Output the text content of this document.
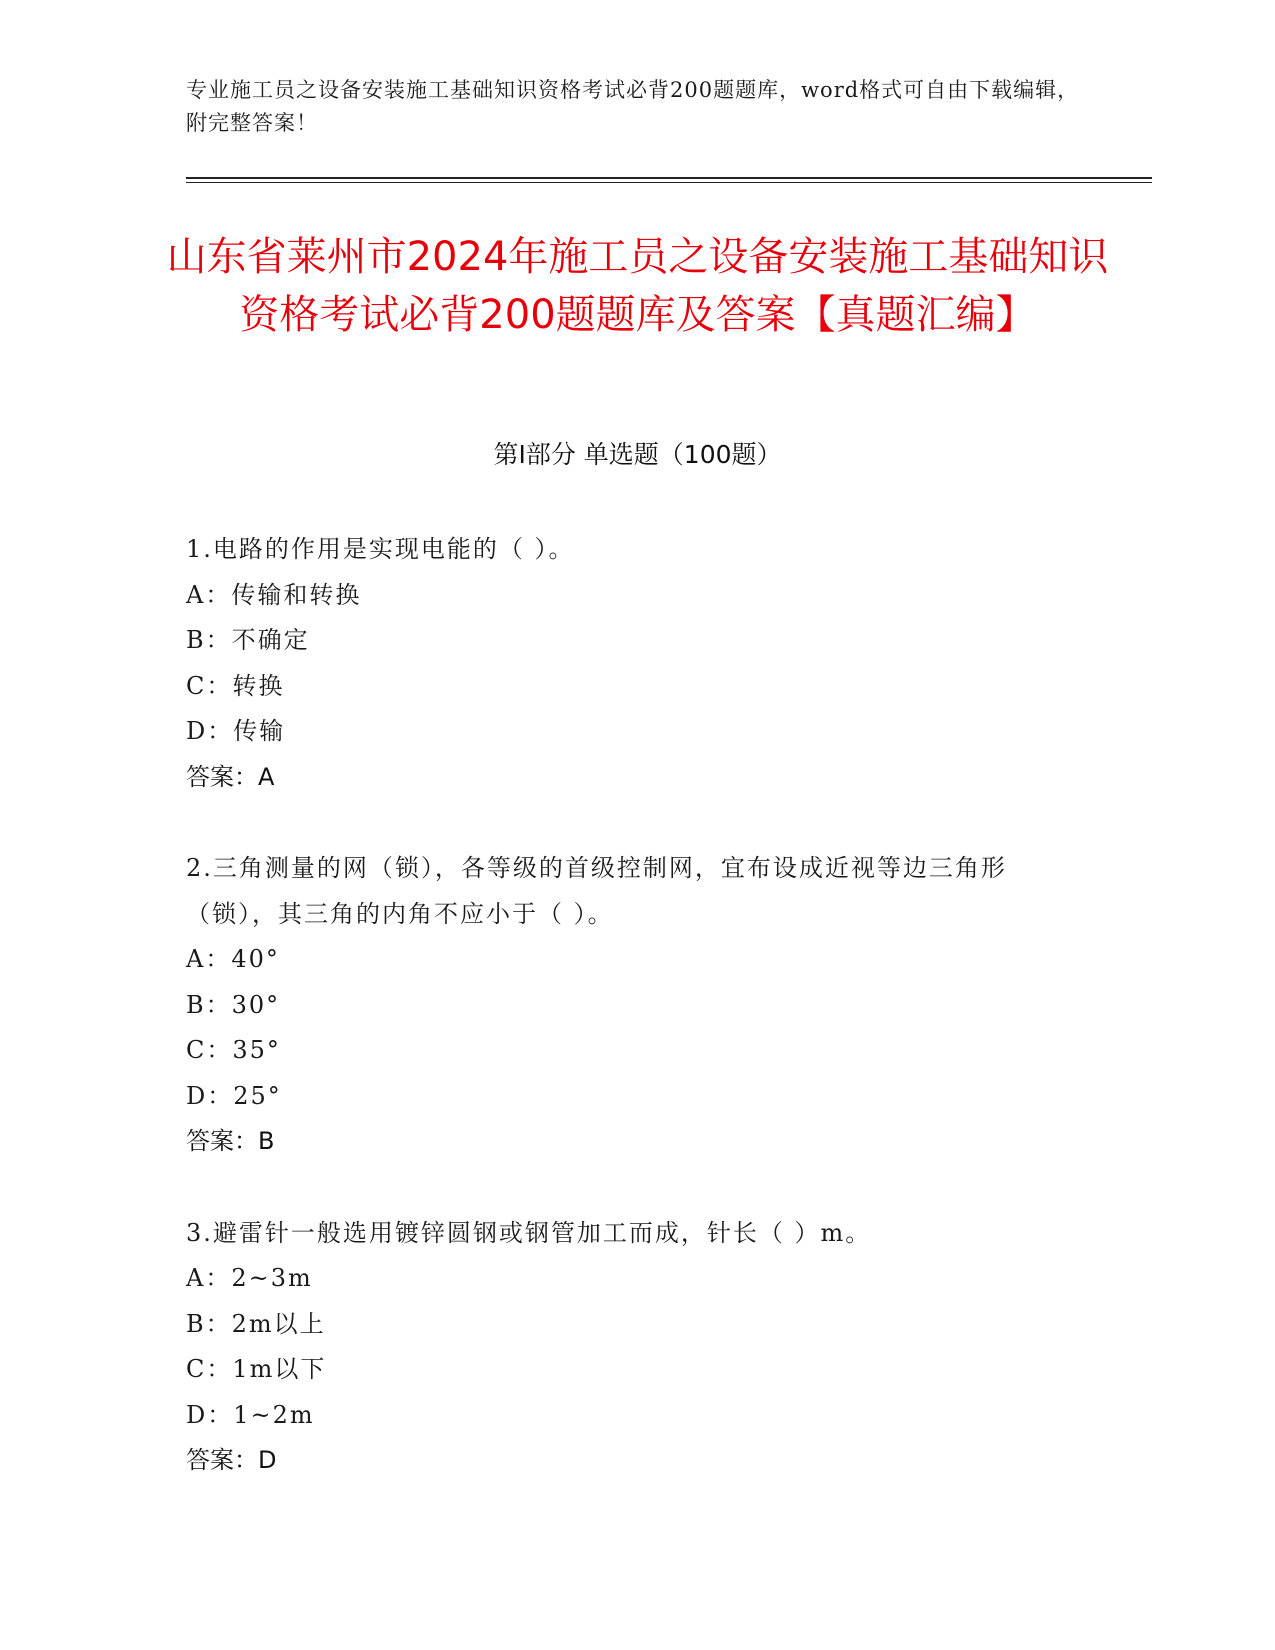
专业施工员之设备安装施工基础知识资格考试必背200题题库，word格式可自由下载编辑，附完整答案！
山东省莱州市2024年施工员之设备安装施工基础知识资格考试必背200题题库及答案【真题汇编】
第I部分 单选题（100题）

1.电路的作用是实现电能的（ ）。

A：传输和转换

B：不确定

C：转换

D：传输

答案：A

2.三角测量的网（锁），各等级的首级控制网，宜布设成近视等边三角形（锁），其三角的内角不应小于（ ）。

A：40°

B：30°

C：35°

D：25°

答案：B

3.避雷针一般选用镀锌圆钢或钢管加工而成，针长（ ）m。

A：2~3m

B：2m以上

C：1m以下

D：1~2m

答案：D
